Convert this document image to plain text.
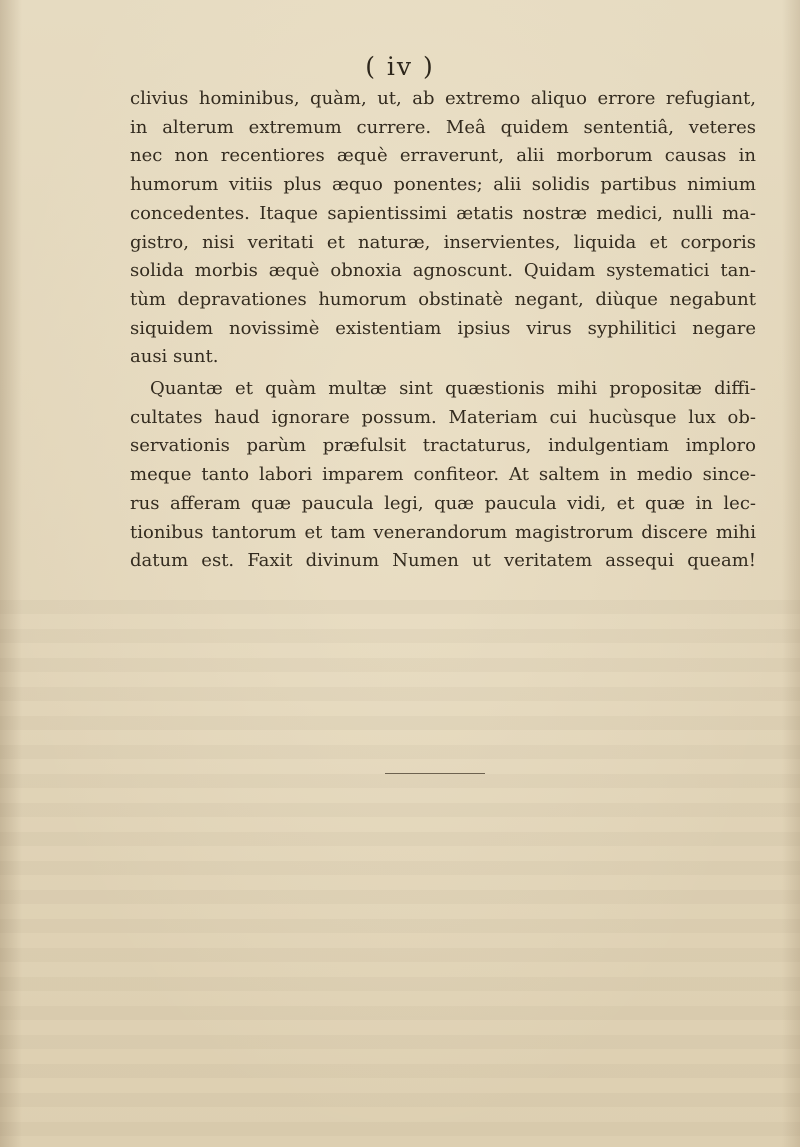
( iv )
clivius hominibus, quàm, ut, ab extremo aliquo errore refugiant,
in alterum extremum currere. Meâ quidem sententiâ, veteres
nec non recentiores æquè erraverunt, alii morborum causas in
humorum vitiis plus æquo ponentes; alii solidis partibus nimium
concedentes. Itaque sapientissimi ætatis nostræ medici, nulli ma-
gistro, nisi veritati et naturæ, inservientes, liquida et corporis
solida morbis æquè obnoxia agnoscunt. Quidam systematici tan-
tùm depravationes humorum obstinatè negant, diùque negabunt
siquidem novissimè existentiam ipsius virus syphilitici negare
ausi sunt.
Quantæ et quàm multæ sint quæstionis mihi propositæ diffi-
cultates haud ignorare possum. Materiam cui hucùsque lux ob-
servationis parùm præfulsit tractaturus, indulgentiam imploro
meque tanto labori imparem confiteor. At saltem in medio since-
rus afferam quæ paucula legi, quæ paucula vidi, et quæ in lec-
tionibus tantorum et tam venerandorum magistrorum discere mihi
datum est. Faxit divinum Numen ut veritatem assequi queam!
